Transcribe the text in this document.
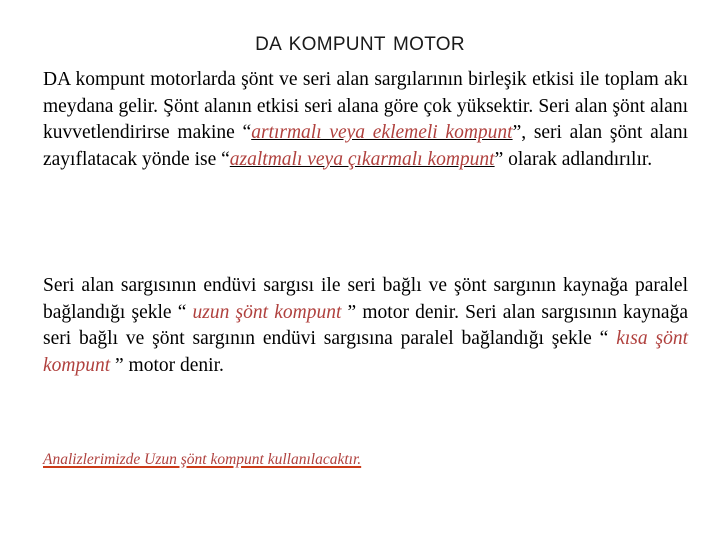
DA KOMPUNT MOTOR

DA kompunt motorlarda şönt ve seri alan sargılarının birleşik etkisi ile toplam akı meydana gelir. Şönt alanın etkisi seri alana göre çok yüksektir. Seri alan şönt alanı kuvvetlendirirse makine “artırmalı veya eklemeli kompunt”, seri alan şönt alanı zayıflatacak yönde ise “azaltmalı veya çıkarmalı kompunt” olarak adlandırılır.

Seri alan sargısının endüvi sargısı ile seri bağlı ve şönt sargının kaynağa paralel bağlandığı şekle “ uzun şönt kompunt ” motor denir. Seri alan sargısının kaynağa seri bağlı ve şönt sargının endüvi sargısına paralel bağlandığı şekle “ kısa şönt kompunt ” motor denir.

Analizlerimizde Uzun şönt kompunt kullanılacaktır.
